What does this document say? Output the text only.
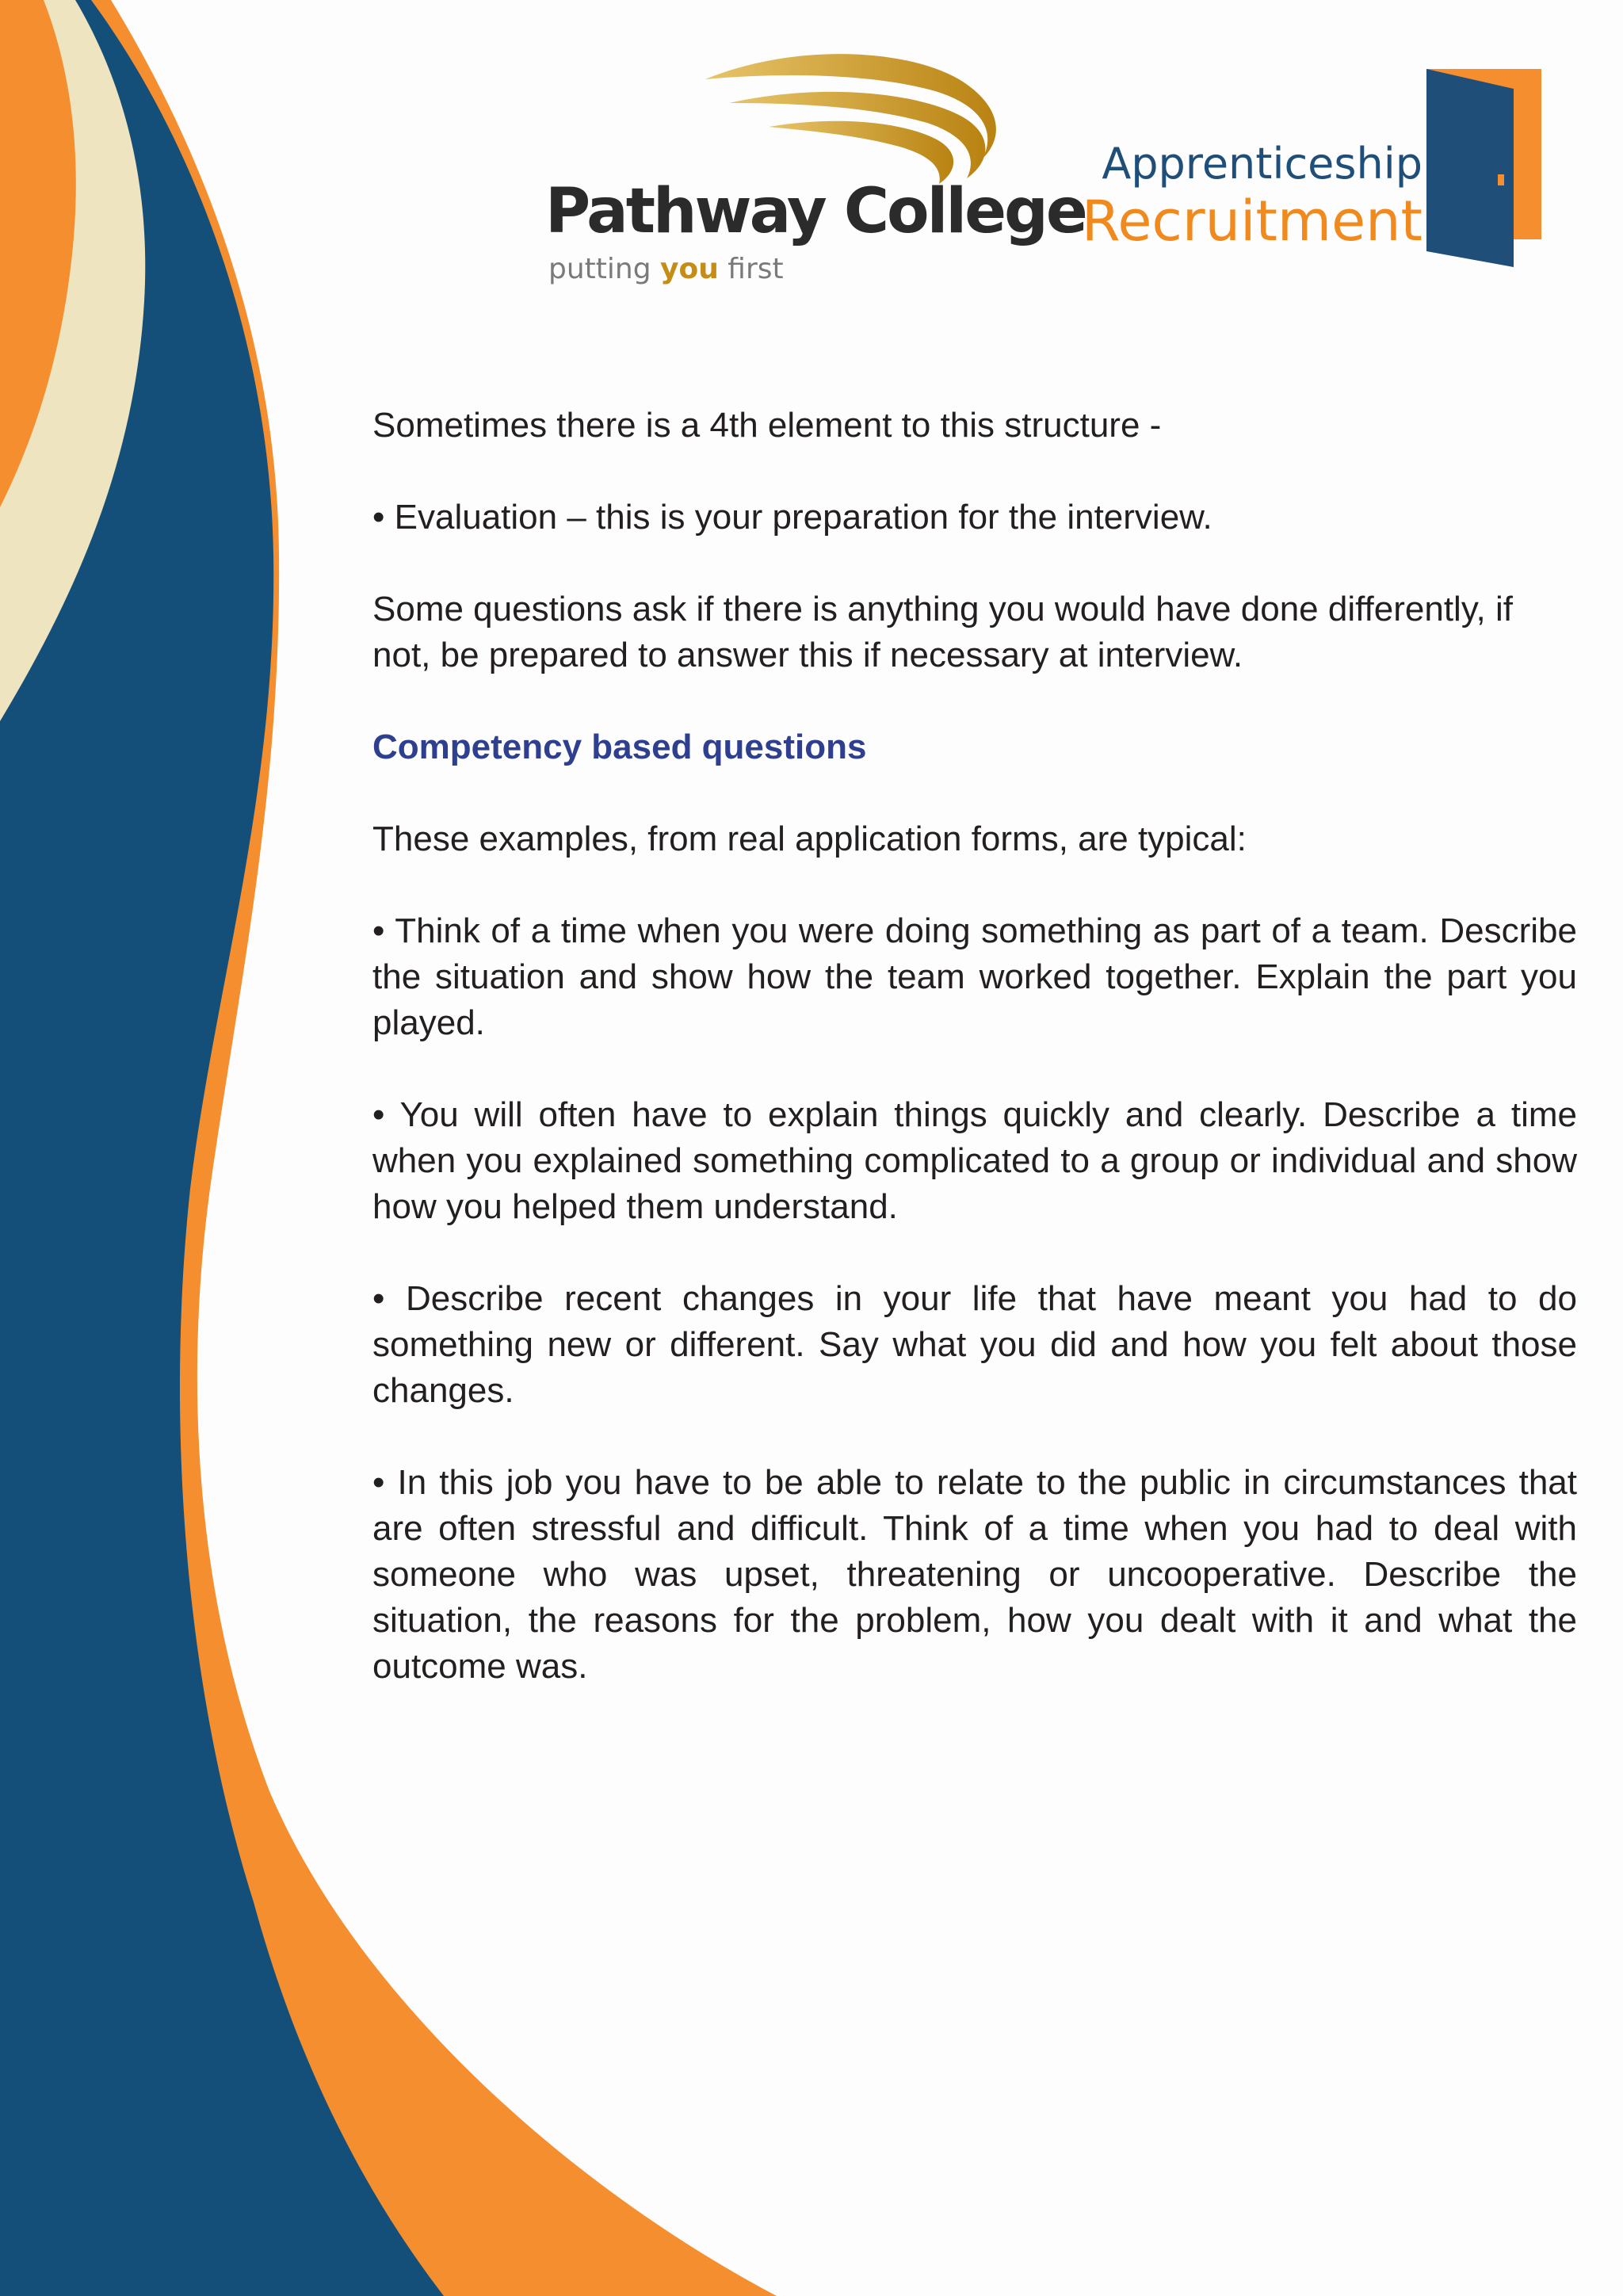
Pathway College
putting you first
Apprenticeship
Recruitment

Sometimes there is a 4th element to this structure -

• Evaluation – this is your preparation for the interview.

Some questions ask if there is anything you would have done differently, if not, be prepared to answer this if necessary at interview.

Competency based questions

These examples, from real application forms, are typical:

• Think of a time when you were doing something as part of a team. Describe the situation and show how the team worked together. Explain the part you played.

• You will often have to explain things quickly and clearly. Describe a time when you explained something complicated to a group or individual and show how you helped them understand.

• Describe recent changes in your life that have meant you had to do something new or different. Say what you did and how you felt about those changes.

• In this job you have to be able to relate to the public in circumstances that are often stressful and difficult. Think of a time when you had to deal with someone who was upset, threatening or uncooperative. Describe the situation, the reasons for the problem, how you dealt with it and what the outcome was.
